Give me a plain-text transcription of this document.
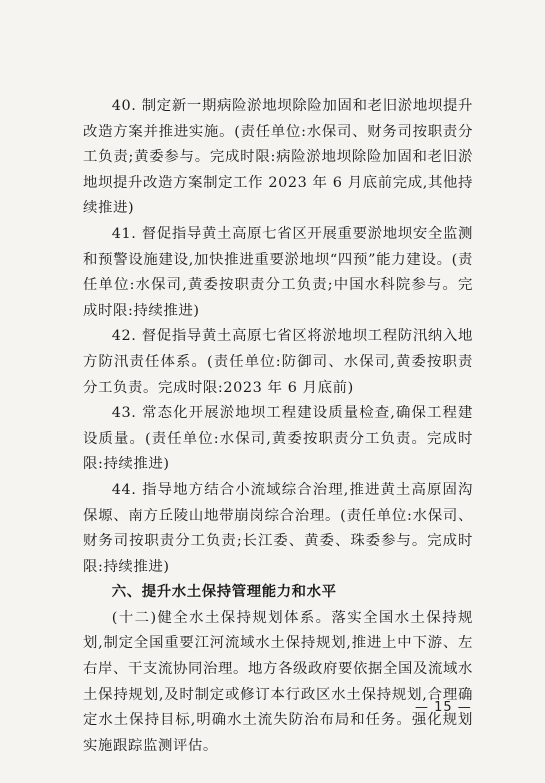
40. 制定新一期病险淤地坝除险加固和老旧淤地坝提升改造方案并推进实施。(责任单位:水保司、财务司按职责分工负责;黄委参与。完成时限:病险淤地坝除险加固和老旧淤地坝提升改造方案制定工作 2023 年 6 月底前完成,其他持续推进)

41. 督促指导黄土高原七省区开展重要淤地坝安全监测和预警设施建设,加快推进重要淤地坝“四预”能力建设。(责任单位:水保司,黄委按职责分工负责;中国水科院参与。完成时限:持续推进)

42. 督促指导黄土高原七省区将淤地坝工程防汛纳入地方防汛责任体系。(责任单位:防御司、水保司,黄委按职责分工负责。完成时限:2023 年 6 月底前)

43. 常态化开展淤地坝工程建设质量检查,确保工程建设质量。(责任单位:水保司,黄委按职责分工负责。完成时限:持续推进)

44. 指导地方结合小流域综合治理,推进黄土高原固沟保塬、南方丘陵山地带崩岗综合治理。(责任单位:水保司、财务司按职责分工负责;长江委、黄委、珠委参与。完成时限:持续推进)

六、提升水土保持管理能力和水平

(十二)健全水土保持规划体系。落实全国水土保持规划,制定全国重要江河流域水土保持规划,推进上中下游、左右岸、干支流协同治理。地方各级政府要依据全国及流域水土保持规划,及时制定或修订本行政区水土保持规划,合理确定水土保持目标,明确水土流失防治布局和任务。强化规划实施跟踪监测评估。

— 15 —
